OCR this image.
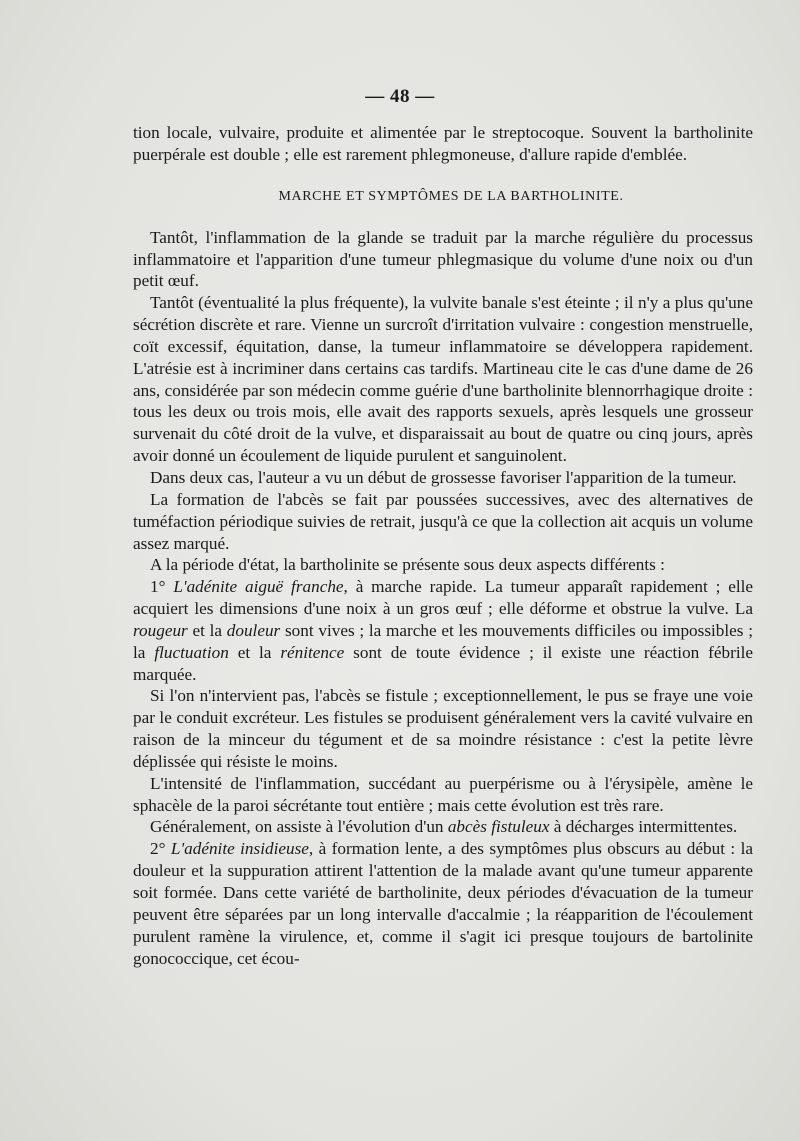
— 48 —

tion locale, vulvaire, produite et alimentée par le streptocoque. Souvent la bartholinite puerpérale est double ; elle est rarement phlegmoneuse, d'allure rapide d'emblée.

MARCHE ET SYMPTÔMES DE LA BARTHOLINITE.

Tantôt, l'inflammation de la glande se traduit par la marche régulière du processus inflammatoire et l'apparition d'une tumeur phlegmasique du volume d'une noix ou d'un petit œuf.

Tantôt (éventualité la plus fréquente), la vulvite banale s'est éteinte ; il n'y a plus qu'une sécrétion discrète et rare. Vienne un surcroît d'irritation vulvaire : congestion menstruelle, coït excessif, équitation, danse, la tumeur inflammatoire se développera rapidement. L'atrésie est à incriminer dans certains cas tardifs. Martineau cite le cas d'une dame de 26 ans, considérée par son médecin comme guérie d'une bartholinite blennorrhagique droite : tous les deux ou trois mois, elle avait des rapports sexuels, après lesquels une grosseur survenait du côté droit de la vulve, et disparaissait au bout de quatre ou cinq jours, après avoir donné un écoulement de liquide purulent et sanguinolent.

Dans deux cas, l'auteur a vu un début de grossesse favoriser l'apparition de la tumeur.

La formation de l'abcès se fait par poussées successives, avec des alternatives de tuméfaction périodique suivies de retrait, jusqu'à ce que la collection ait acquis un volume assez marqué.

A la période d'état, la bartholinite se présente sous deux aspects différents :

1° L'adénite aiguë franche, à marche rapide. La tumeur apparaît rapidement ; elle acquiert les dimensions d'une noix à un gros œuf ; elle déforme et obstrue la vulve. La rougeur et la douleur sont vives ; la marche et les mouvements difficiles ou impossibles ; la fluctuation et la rénitence sont de toute évidence ; il existe une réaction fébrile marquée.

Si l'on n'intervient pas, l'abcès se fistule ; exceptionnellement, le pus se fraye une voie par le conduit excréteur. Les fistules se produisent généralement vers la cavité vulvaire en raison de la minceur du tégument et de sa moindre résistance : c'est la petite lèvre déplissée qui résiste le moins.

L'intensité de l'inflammation, succédant au puerpérisme ou à l'érysipèle, amène le sphacèle de la paroi sécrétante tout entière ; mais cette évolution est très rare.

Généralement, on assiste à l'évolution d'un abcès fistuleux à décharges intermittentes.

2° L'adénite insidieuse, à formation lente, a des symptômes plus obscurs au début : la douleur et la suppuration attirent l'attention de la malade avant qu'une tumeur apparente soit formée. Dans cette variété de bartholinite, deux périodes d'évacuation de la tumeur peuvent être séparées par un long intervalle d'accalmie ; la réapparition de l'écoulement purulent ramène la virulence, et, comme il s'agit ici presque toujours de bartolinite gonococcique, cet écou-
